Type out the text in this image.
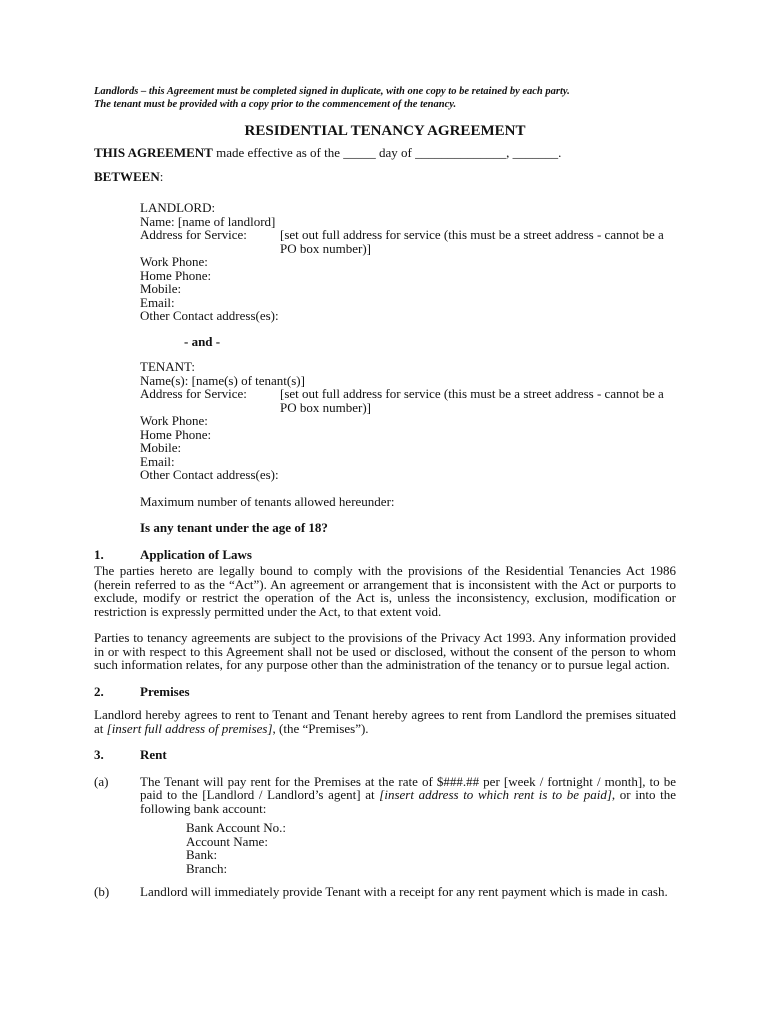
Landlords – this Agreement must be completed signed in duplicate, with one copy to be retained by each party.
The tenant must be provided with a copy prior to the commencement of the tenancy.
RESIDENTIAL TENANCY AGREEMENT
THIS AGREEMENT made effective as of the _____ day of ______________, _______.
BETWEEN:
LANDLORD:
Name: [name of landlord]
Address for Service:	[set out full address for service (this must be a street address - cannot be a PO box number)]
Work Phone:
Home Phone:
Mobile:
Email:
Other Contact address(es):
- and -
TENANT:
Name(s): [name(s) of tenant(s)]
Address for Service:	[set out full address for service (this must be a street address - cannot be a PO box number)]
Work Phone:
Home Phone:
Mobile:
Email:
Other Contact address(es):
Maximum number of tenants allowed hereunder:
Is any tenant under the age of 18?
1.	Application of Laws
The parties hereto are legally bound to comply with the provisions of the Residential Tenancies Act 1986 (herein referred to as the “Act”). An agreement or arrangement that is inconsistent with the Act or purports to exclude, modify or restrict the operation of the Act is, unless the inconsistency, exclusion, modification or restriction is expressly permitted under the Act, to that extent void.
Parties to tenancy agreements are subject to the provisions of the Privacy Act 1993. Any information provided in or with respect to this Agreement shall not be used or disclosed, without the consent of the person to whom such information relates, for any purpose other than the administration of the tenancy or to pursue legal action.
2.	Premises
Landlord hereby agrees to rent to Tenant and Tenant hereby agrees to rent from Landlord the premises situated at [insert full address of premises], (the “Premises”).
3.	Rent
(a)	The Tenant will pay rent for the Premises at the rate of $###.## per [week / fortnight / month], to be paid to the [Landlord / Landlord’s agent] at [insert address to which rent is to be paid], or into the following bank account:
Bank Account No.:
Account Name:
Bank:
Branch:
(b)	Landlord will immediately provide Tenant with a receipt for any rent payment which is made in cash.
